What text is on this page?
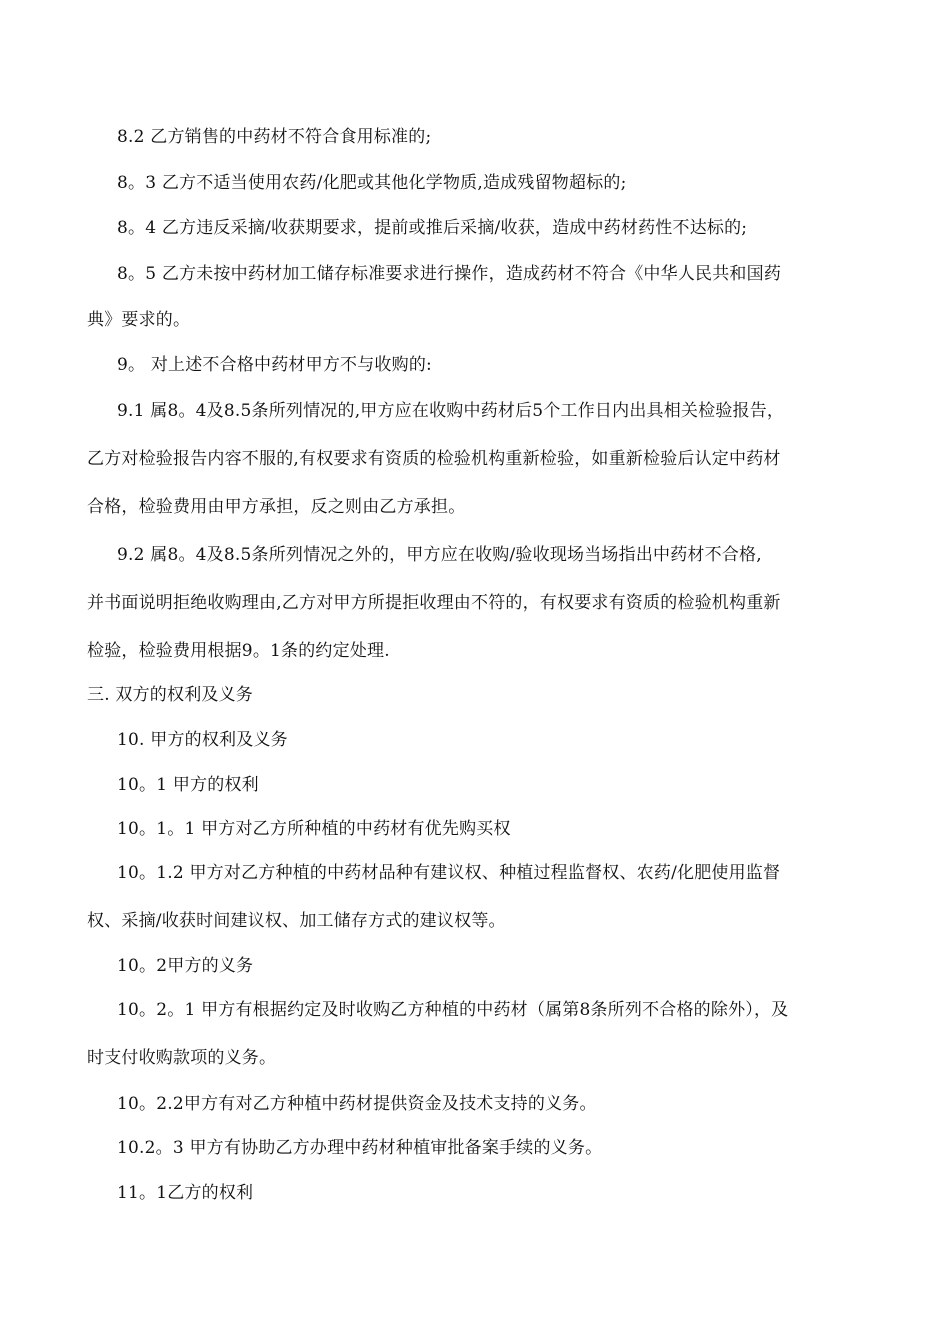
8.2 乙方销售的中药材不符合食用标准的;
8。3 乙方不适当使用农药/化肥或其他化学物质,造成残留物超标的;
8。4 乙方违反采摘/收获期要求，提前或推后采摘/收获，造成中药材药性不达标的;
8。5 乙方未按中药材加工储存标准要求进行操作，造成药材不符合《中华人民共和国药
典》要求的。
9。 对上述不合格中药材甲方不与收购的:
9.1 属8。4及8.5条所列情况的,甲方应在收购中药材后5个工作日内出具相关检验报告，
乙方对检验报告内容不服的,有权要求有资质的检验机构重新检验，如重新检验后认定中药材
合格，检验费用由甲方承担，反之则由乙方承担。
9.2 属8。4及8.5条所列情况之外的，甲方应在收购/验收现场当场指出中药材不合格,
并书面说明拒绝收购理由,乙方对甲方所提拒收理由不符的，有权要求有资质的检验机构重新
检验，检验费用根据9。1条的约定处理.
三. 双方的权利及义务
10. 甲方的权利及义务
10。1 甲方的权利
10。1。1 甲方对乙方所种植的中药材有优先购买权
10。1.2 甲方对乙方种植的中药材品种有建议权、种植过程监督权、农药/化肥使用监督
权、采摘/收获时间建议权、加工储存方式的建议权等。
10。2甲方的义务
10。2。1 甲方有根据约定及时收购乙方种植的中药材（属第8条所列不合格的除外），及
时支付收购款项的义务。
10。2.2甲方有对乙方种植中药材提供资金及技术支持的义务。
10.2。3 甲方有协助乙方办理中药材种植审批备案手续的义务。
11。1乙方的权利
